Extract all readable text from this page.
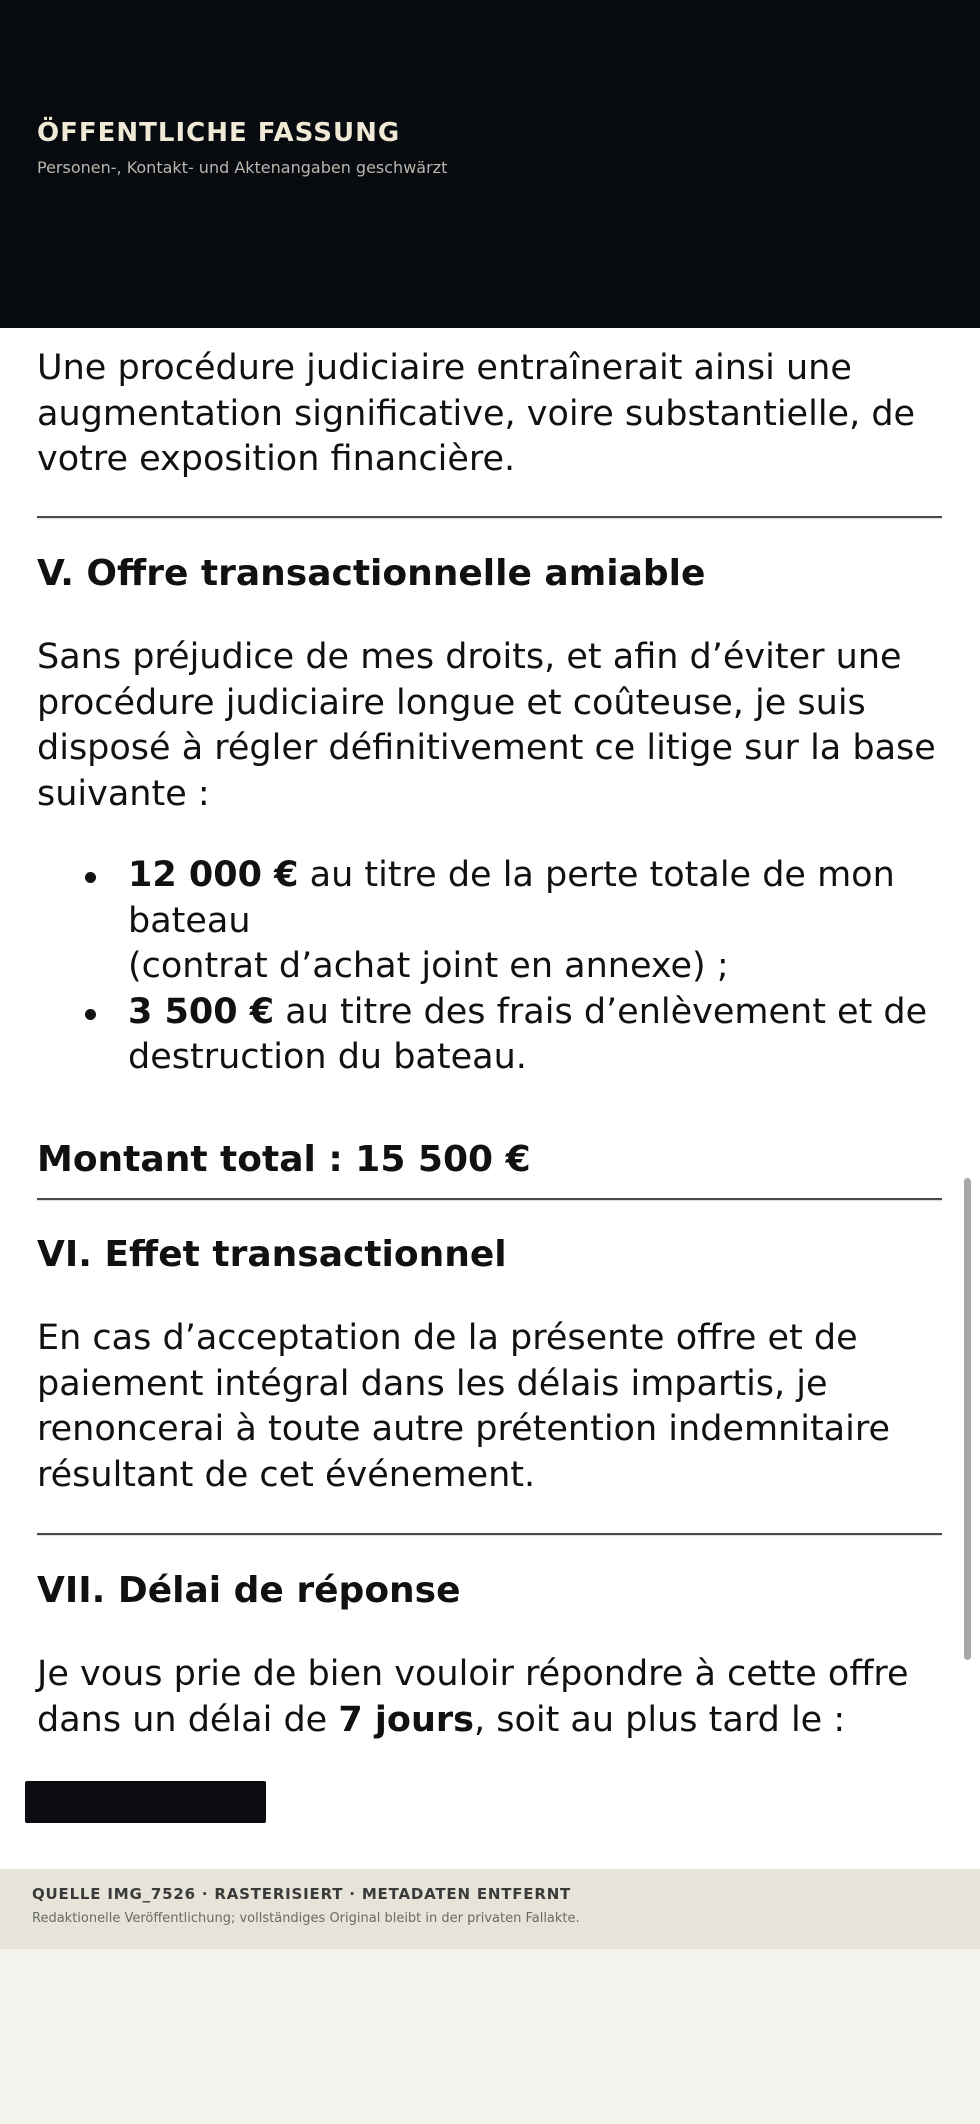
ÖFFENTLICHE FASSUNG
Personen-, Kontakt- und Aktenangaben geschwärzt

Une procédure judiciaire entraînerait ainsi une augmentation significative, voire substantielle, de votre exposition financière.

V. Offre transactionnelle amiable

Sans préjudice de mes droits, et afin d’éviter une procédure judiciaire longue et coûteuse, je suis disposé à régler définitivement ce litige sur la base suivante :

12 000 € au titre de la perte totale de mon bateau
(contrat d’achat joint en annexe) ;
3 500 € au titre des frais d’enlèvement et de destruction du bateau.

Montant total : 15 500 €

VI. Effet transactionnel

En cas d’acceptation de la présente offre et de paiement intégral dans les délais impartis, je renoncerai à toute autre prétention indemnitaire résultant de cet événement.

VII. Délai de réponse

Je vous prie de bien vouloir répondre à cette offre dans un délai de 7 jours, soit au plus tard le :

QUELLE IMG_7526 · RASTERISIERT · METADATEN ENTFERNT
Redaktionelle Veröffentlichung; vollständiges Original bleibt in der privaten Fallakte.
